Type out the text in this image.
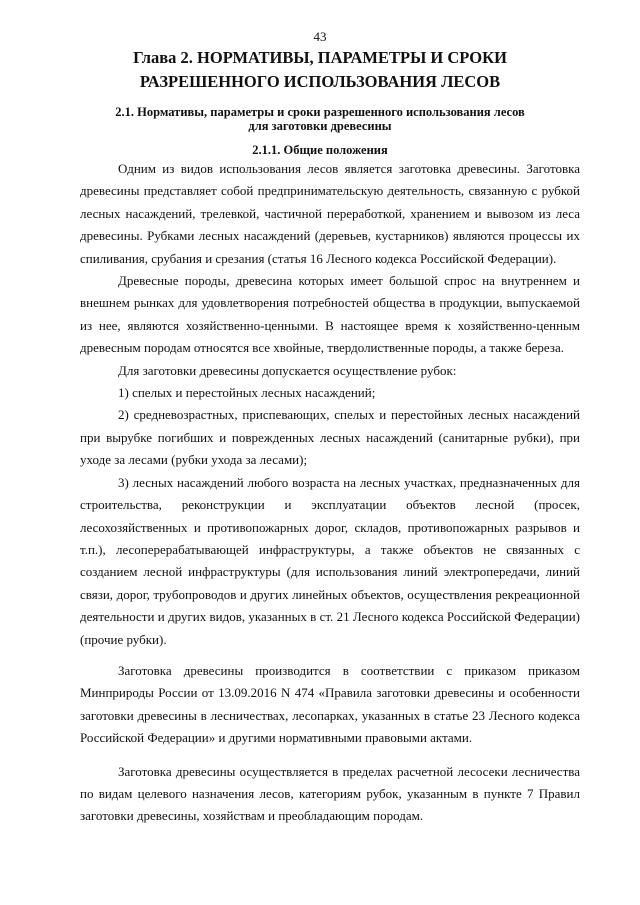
43
Глава 2. НОРМАТИВЫ, ПАРАМЕТРЫ И СРОКИ РАЗРЕШЕННОГО ИСПОЛЬЗОВАНИЯ ЛЕСОВ
2.1. Нормативы, параметры и сроки разрешенного использования лесов
для заготовки древесины
2.1.1. Общие положения

Одним из видов использования лесов является заготовка древесины. Заготовка древесины представляет собой предпринимательскую деятельность, связанную с рубкой лесных насаждений, трелевкой, частичной переработкой, хранением и вывозом из леса древесины. Рубками лесных насаждений (деревьев, кустарников) являются процессы их спиливания, срубания и срезания (статья 16 Лесного кодекса Российской Федерации).

Древесные породы, древесина которых имеет большой спрос на внутреннем и внешнем рынках для удовлетворения потребностей общества в продукции, выпускаемой из нее, являются хозяйственно-ценными. В настоящее время к хозяйственно-ценным древесным породам относятся все хвойные, твердолиственные породы, а также береза.

Для заготовки древесины допускается осуществление рубок:

1) спелых и перестойных лесных насаждений;

2) средневозрастных, приспевающих, спелых и перестойных лесных насаждений при вырубке погибших и поврежденных лесных насаждений (санитарные рубки), при уходе за лесами (рубки ухода за лесами);

3) лесных насаждений любого возраста на лесных участках, предназначенных для строительства, реконструкции и эксплуатации объектов лесной (просек, лесохозяйственных и противопожарных дорог, складов, противопожарных разрывов и т.п.), лесоперерабатывающей инфраструктуры, а также объектов не связанных с созданием лесной инфраструктуры (для использования линий электропередачи, линий связи, дорог, трубопроводов и других линейных объектов, осуществления рекреационной деятельности и других видов, указанных в ст. 21 Лесного кодекса Российской Федерации) (прочие рубки).

Заготовка древесины производится в соответствии с приказом приказом Минприроды России от 13.09.2016 N 474 «Правила заготовки древесины и особенности заготовки древесины в лесничествах, лесопарках, указанных в статье 23 Лесного кодекса Российской Федерации» и другими нормативными правовыми актами.

Заготовка древесины осуществляется в пределах расчетной лесосеки лесничества по видам целевого назначения лесов, категориям рубок, указанным в пункте 7 Правил заготовки древесины, хозяйствам и преобладающим породам.
